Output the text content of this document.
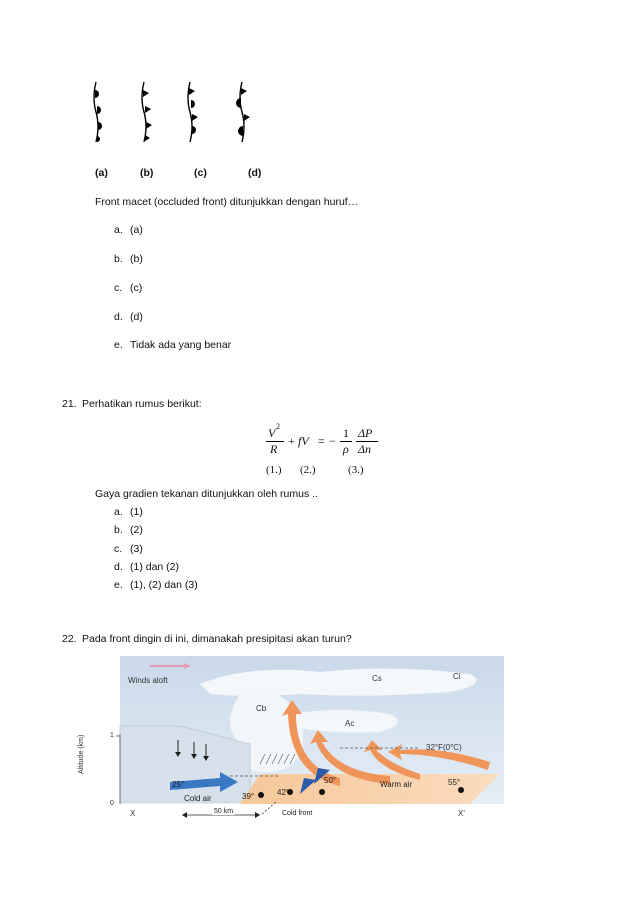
(a)	(b)	(c)	(d)
Front macet (occluded front) ditunjukkan dengan huruf…
a. (a)
b. (b)
c. (c)
d. (d)
e. Tidak ada yang benar
21. Perhatikan rumus berikut:
V 2
R
+ fV = −
1
ρ
ΔP
Δn
(1.) (2.)	(3.)
Gaya gradien tekanan ditunjukkan oleh rumus ..
a. (1)
b. (2)
c. (3)
d. (1) dan (2)
e. (1), (2) dan (3)
22. Pada front dingin di ini, dimanakah presipitasi akan turun?
Winds aloft	Cs	Ci
Cb
Ac
32°F(0°C)
Altitude (km)	1
0
25°
Cold air	39°	42°
50°	Warm air	55°
X	X'
50 km	Cold front
